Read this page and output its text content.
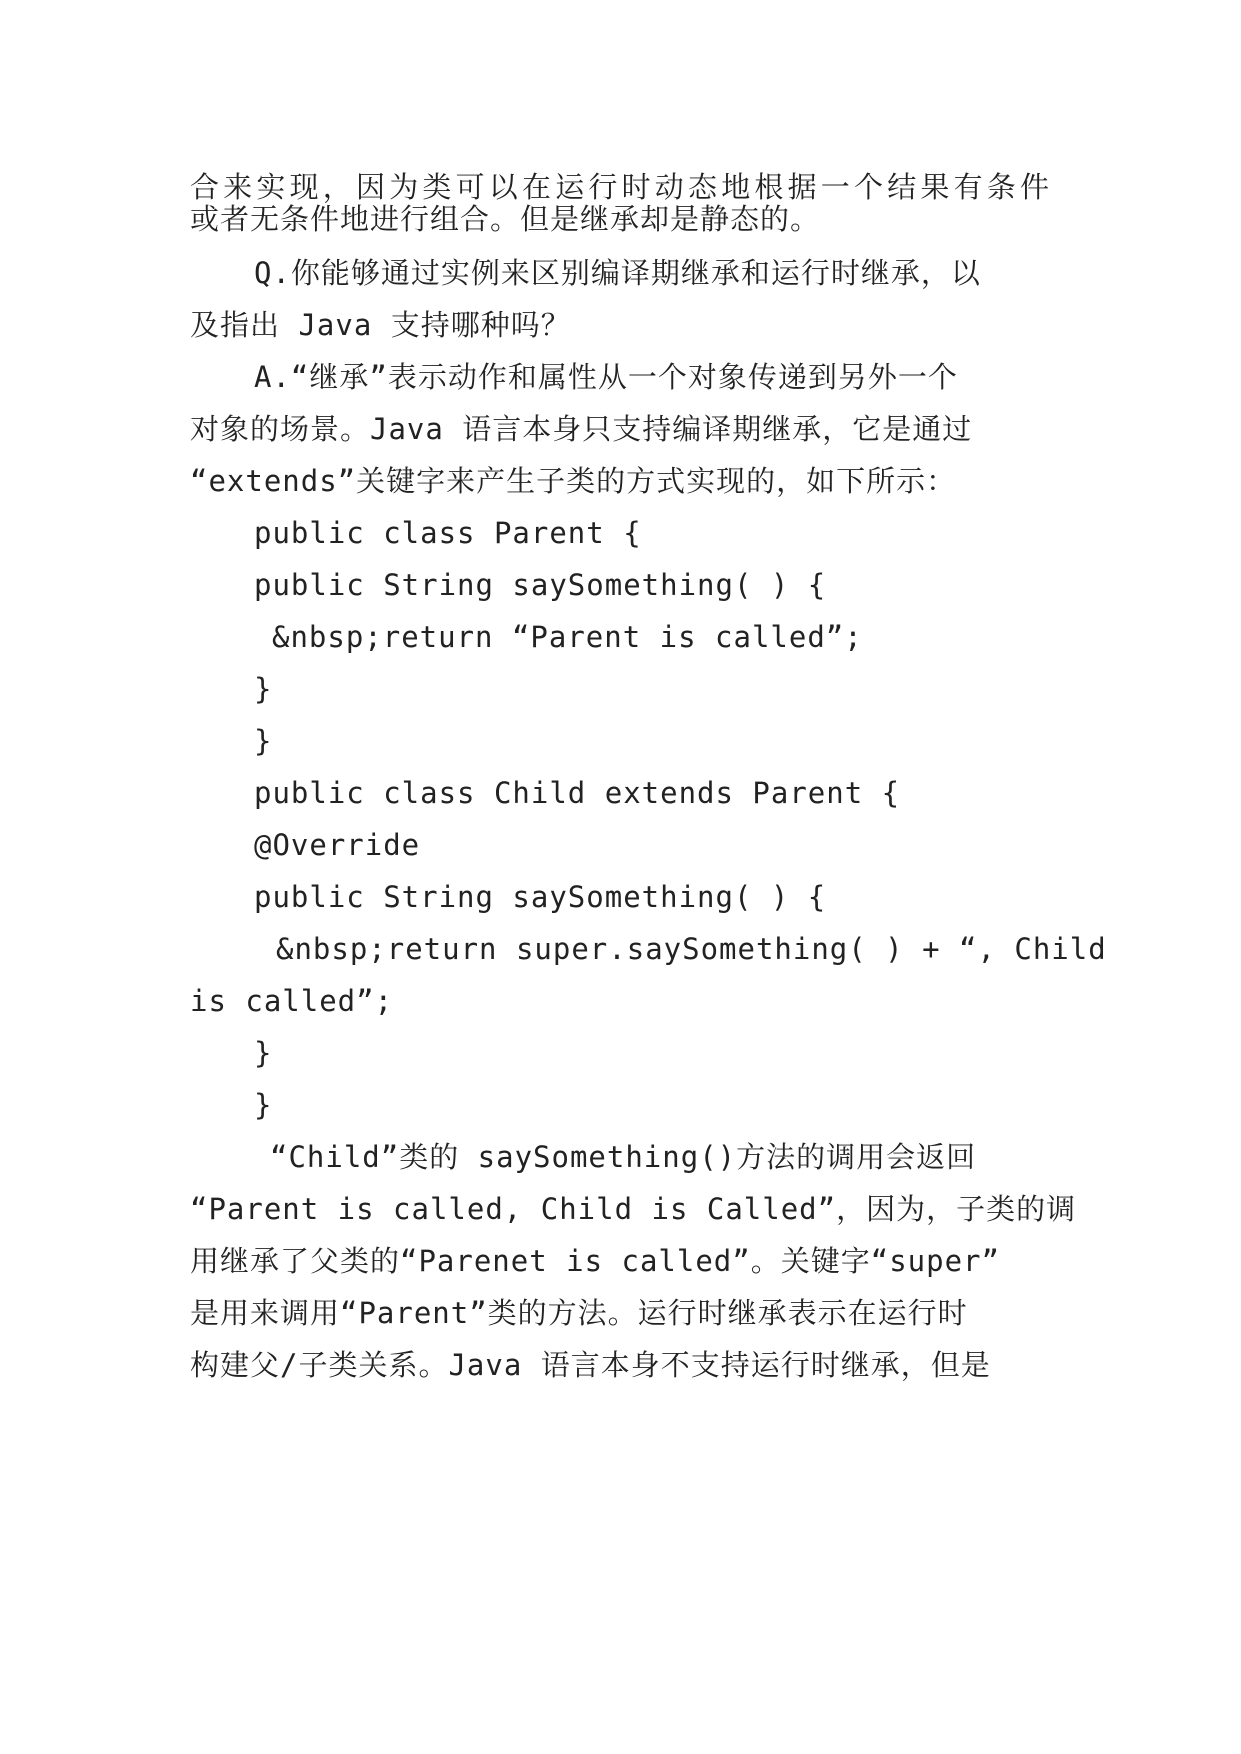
合来实现，因为类可以在运行时动态地根据一个结果有条件
或者无条件地进行组合。但是继承却是静态的。
Q.你能够通过实例来区别编译期继承和运行时继承，以
及指出 Java 支持哪种吗？
A.“继承”表示动作和属性从一个对象传递到另外一个
对象的场景。Java 语言本身只支持编译期继承，它是通过
“extends”关键字来产生子类的方式实现的，如下所示：
public class Parent {
public String saySomething( ) {
&nbsp;return “Parent is called”;
}
}
public class Child extends Parent {
@Override
public String saySomething( ) {
&nbsp;return super.saySomething( ) + “, Child
is called”;
}
}
“Child”类的 saySomething()方法的调用会返回
“Parent is called, Child is Called”，因为，子类的调
用继承了父类的“Parenet is called”。关键字“super”
是用来调用“Parent”类的方法。运行时继承表示在运行时
构建父/子类关系。Java 语言本身不支持运行时继承，但是
